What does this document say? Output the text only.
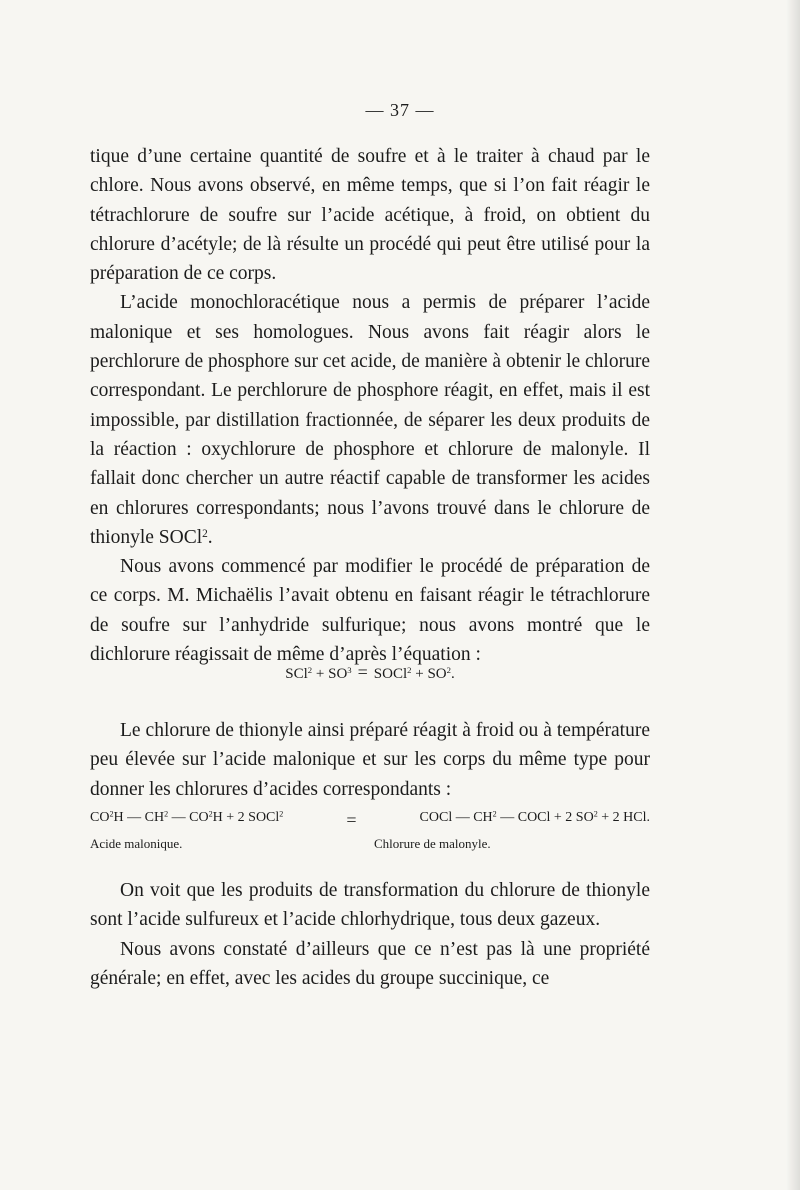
— 37 —

tique d’une certaine quantité de soufre et à le traiter à chaud par le chlore. Nous avons observé, en même temps, que si l’on fait réagir le tétrachlorure de soufre sur l’acide acétique, à froid, on obtient du chlorure d’acétyle; de là résulte un procédé qui peut être utilisé pour la préparation de ce corps.

L’acide monochloracétique nous a permis de préparer l’acide malonique et ses homologues. Nous avons fait réagir alors le perchlorure de phosphore sur cet acide, de manière à obtenir le chlorure correspondant. Le perchlorure de phosphore réagit, en effet, mais il est impossible, par distillation fractionnée, de séparer les deux produits de la réaction : oxychlorure de phosphore et chlorure de malonyle. Il fallait donc chercher un autre réactif capable de transformer les acides en chlorures correspondants; nous l’avons trouvé dans le chlorure de thionyle SOCl$^2$.

Nous avons commencé par modifier le procédé de préparation de ce corps. M. Michaëlis l’avait obtenu en faisant réagir le tétrachlorure de soufre sur l’anhydride sulfurique; nous avons montré que le dichlorure réagissait de même d’après l’équation :

$SCl^2 + SO^3$ = SOCl$^2$ + $SO^2$.

Le chlorure de thionyle ainsi préparé réagit à froid ou à température peu élevée sur l’acide malonique et sur les corps du même type pour donner les chlorures d’acides correspondants :

$CO^2H$ — $CH^2$ — $CO^2H + 2$ SOCl$^2$	=	COCl — $CH^2$ — COCl + 2 $SO^2 + 2$ HCl.
Acide malonique.	Chlorure de malonyle.

On voit que les produits de transformation du chlorure de thionyle sont l’acide sulfureux et l’acide chlorhydrique, tous deux gazeux.

Nous avons constaté d’ailleurs que ce n’est pas là une propriété générale; en effet, avec les acides du groupe succinique, ce
